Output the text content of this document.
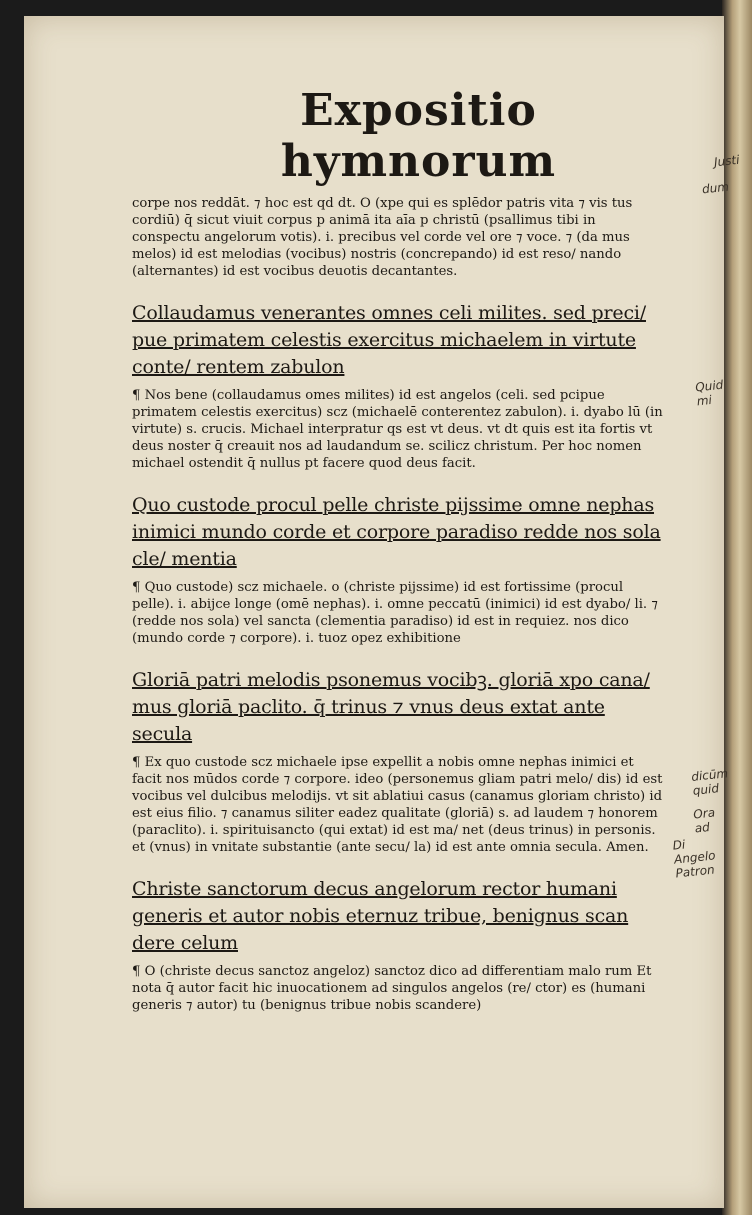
Expositio hymnorum

corpe nos reddāt. ⁊ hoc est qd dt. O (xpe qui es splēdor patris vita ⁊ vis tus cordiū) q̄ sicut viuit corpus p animā ita aīa p christū (psallimus tibi in conspectu angelorum votis). i. precibus vel corde vel ore ⁊ voce. ⁊ (da mus melos) id est melodias (vocibus) nostris (concrepando) id est reso/ nando (alternantes) id est vocibus deuotis decantantes.

Collaudamus venerantes omnes celi milites. sed preci/ pue primatem celestis exercitus michaelem in virtute conte/ rentem zabulon

¶ Nos bene (collaudamus omes milites) id est angelos (celi. sed pcipue primatem celestis exercitus) scz (michaelē conterentez zabulon). i. dyabo lū (in virtute) s. crucis. Michael interpratur qs est vt deus. vt dt quis est ita fortis vt deus noster q̄ creauit nos ad laudandum se. scilicz christum. Per hoc nomen michael ostendit q̄ nullus pt facere quod deus facit.

Quo custode procul pelle christe pijssime omne nephas inimici mundo corde et corpore paradiso redde nos sola cle/ mentia

¶ Quo custode) scz michaele. o (christe pijssime) id est fortissime (procul pelle). i. abijce longe (omē nephas). i. omne peccatū (inimici) id est dyabo/ li. ⁊ (redde nos sola) vel sancta (clementia paradiso) id est in requiez. nos dico (mundo corde ⁊ corpore). i. tuoz opez exhibitione

Gloriā patri melodis psonemus vocibꝫ. gloriā xpo cana/ mus gloriā paclito. q̄ trinus ⁊ vnus deus extat ante secula

¶ Ex quo custode scz michaele ipse expellit a nobis omne nephas inimici et facit nos mūdos corde ⁊ corpore. ideo (personemus gliam patri melo/ dis) id est vocibus vel dulcibus melodijs. vt sit ablatiui casus (canamus gloriam christo) id est eius filio. ⁊ canamus siliter eadez qualitate (gloriā) s. ad laudem ⁊ honorem (paraclito). i. spirituisancto (qui extat) id est ma/ net (deus trinus) in personis. et (vnus) in vnitate substantie (ante secu/ la) id est ante omnia secula. Amen.

Christe sanctorum decus angelorum rector humani generis et autor nobis eternuz tribue, benignus scan dere celum

¶ O (christe decus sanctoz angeloz) sanctoz dico ad differentiam malo rum Et nota q̄ autor facit hic inuocationem ad singulos angelos (re/ ctor) es (humani generis ⁊ autor) tu (benignus tribue nobis scandere)

Justi
dum
Quid mi
dicūm quid
Ora ad
Di Angelo Patron
